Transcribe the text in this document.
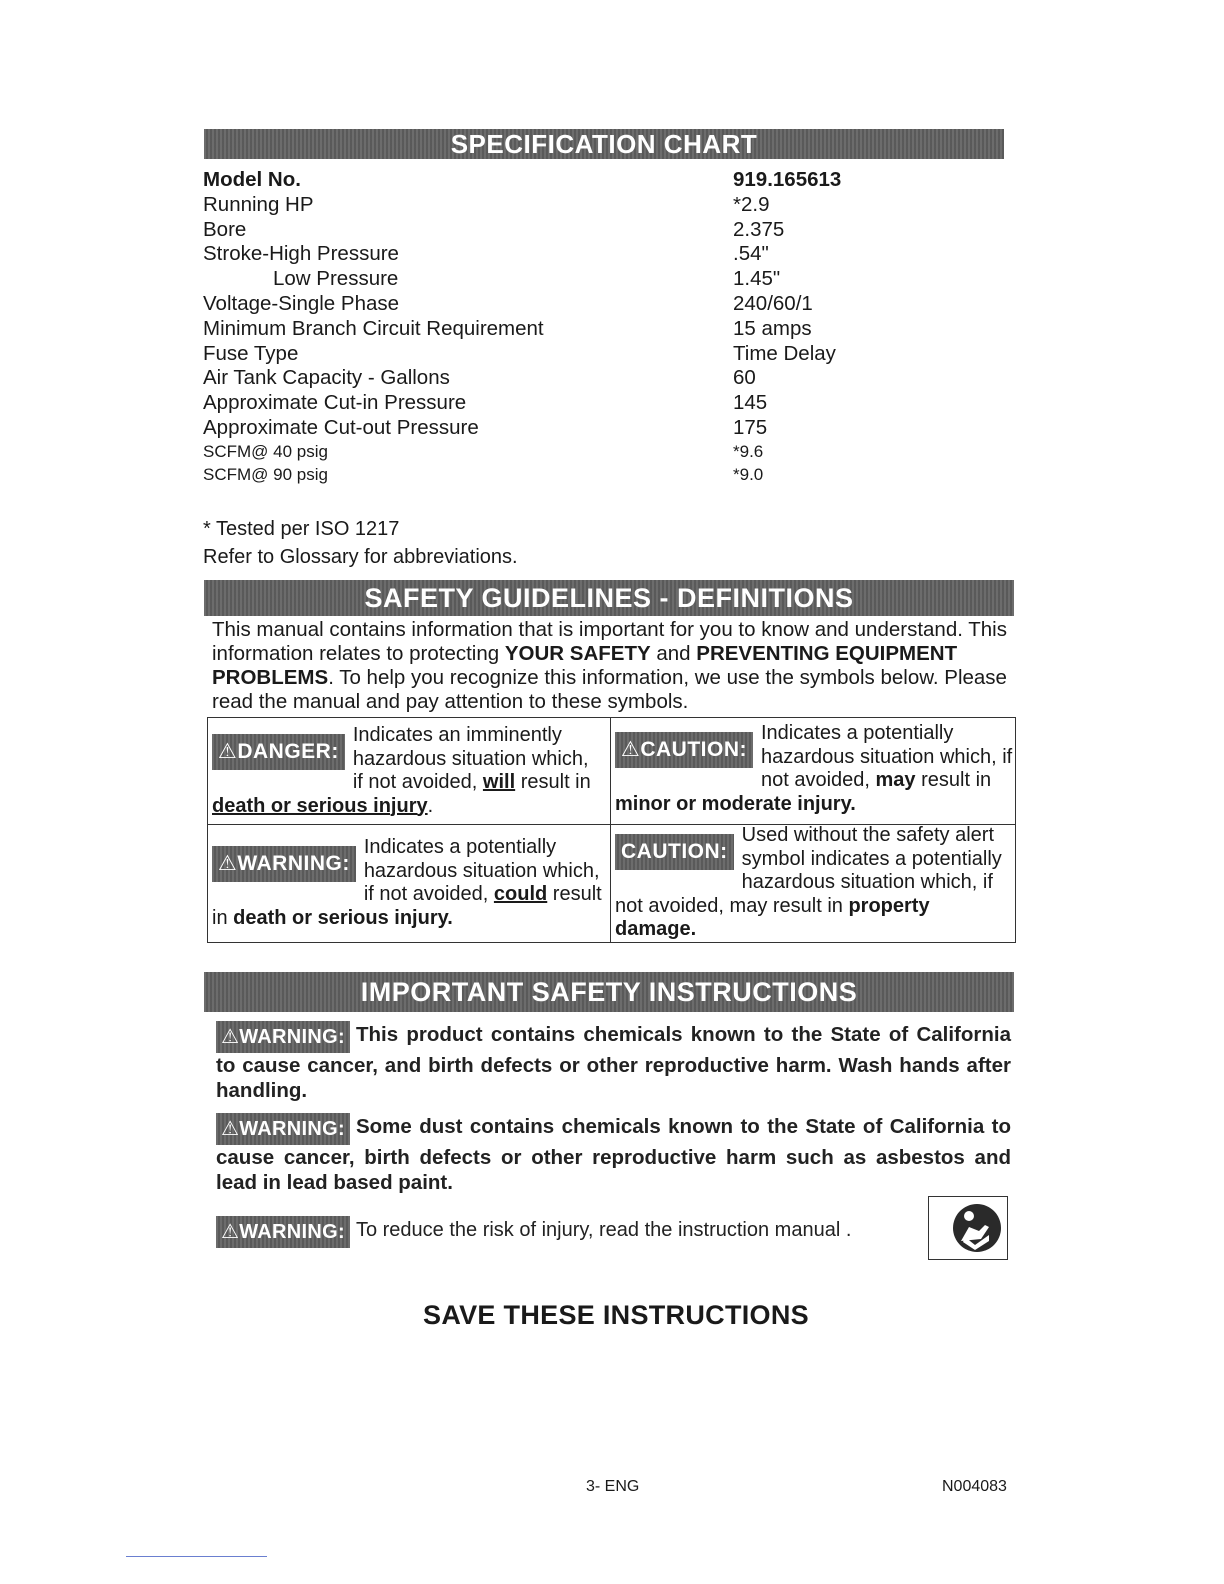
SPECIFICATION CHART
Model No.	919.165613
Running HP	*2.9
Bore	2.375
Stroke-High Pressure	.54"
Low Pressure	1.45"
Voltage-Single Phase	240/60/1
Minimum Branch Circuit Requirement	15 amps
Fuse Type	Time Delay
Air Tank Capacity - Gallons	60
Approximate Cut-in Pressure	145
Approximate Cut-out Pressure	175
SCFM@ 40 psig	*9.6
SCFM@ 90 psig	*9.0
* Tested per ISO 1217
Refer to Glossary for abbreviations.
SAFETY GUIDELINES - DEFINITIONS
This manual contains information that is important for you to know and understand. This information relates to protecting YOUR SAFETY and PREVENTING EQUIPMENT PROBLEMS. To help you recognize this information, we use the symbols below. Please read the manual and pay attention to these symbols.
⚠DANGER:
Indicates an imminently hazardous situation which, if not avoided, will result in death or serious injury.
⚠CAUTION:
Indicates a potentially hazardous situation which, if not avoided, may result in minor or moderate injury.
⚠WARNING:
Indicates a potentially hazardous situation which, if not avoided, could result in death or serious injury.
CAUTION:
Used without the safety alert symbol indicates a potentially hazardous situation which, if not avoided, may result in property damage.
IMPORTANT SAFETY INSTRUCTIONS
⚠WARNING: This product contains chemicals known to the State of California to cause cancer, and birth defects or other reproductive harm. Wash hands after handling.
⚠WARNING: Some dust contains chemicals known to the State of California to cause cancer, birth defects or other reproductive harm such as asbestos and lead in lead based paint.
⚠WARNING: To reduce the risk of injury, read the instruction manual .
SAVE THESE INSTRUCTIONS
3- ENG	N004083
